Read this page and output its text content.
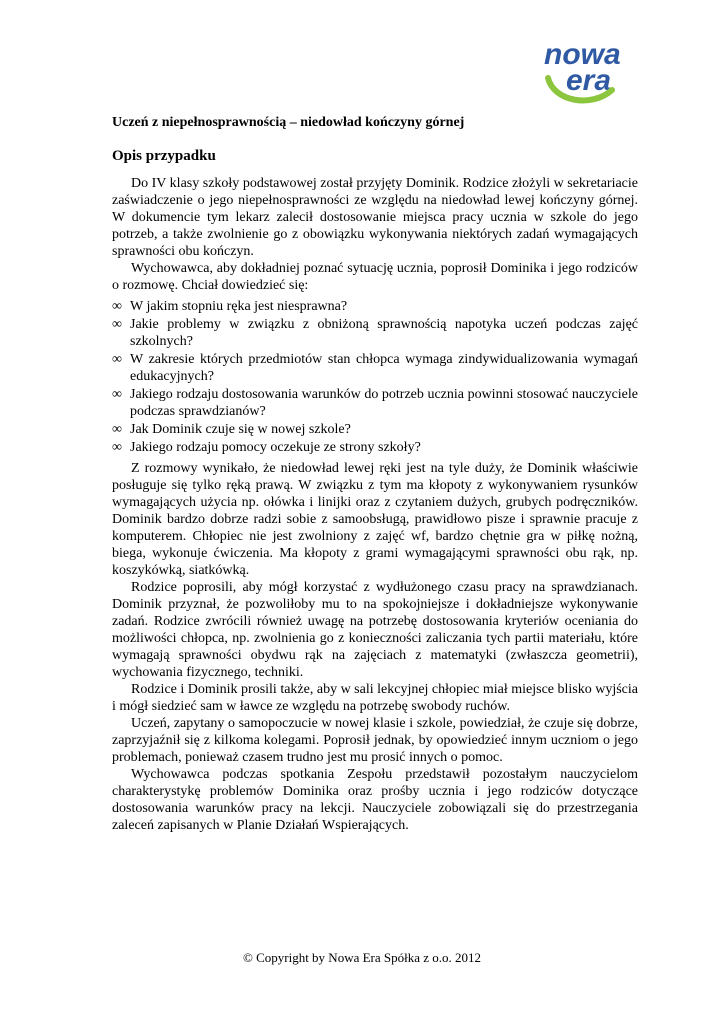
nowa
era
Uczeń z niepełnosprawnością – niedowład kończyny górnej
Opis przypadku

Do IV klasy szkoły podstawowej został przyjęty Dominik. Rodzice złożyli w sekretariacie zaświadczenie o jego niepełnosprawności ze względu na niedowład lewej kończyny górnej. W dokumencie tym lekarz zalecił dostosowanie miejsca pracy ucznia w szkole do jego potrzeb, a także zwolnienie go z obowiązku wykonywania niektórych zadań wymagających sprawności obu kończyn.

Wychowawca, aby dokładniej poznać sytuację ucznia, poprosił Dominika i jego rodziców o rozmowę. Chciał dowiedzieć się:

∞ W jakim stopniu ręka jest niesprawna?
∞ Jakie problemy w związku z obniżoną sprawnością napotyka uczeń podczas zajęć szkolnych?
∞ W zakresie których przedmiotów stan chłopca wymaga zindywidualizowania wymagań edukacyjnych?
∞ Jakiego rodzaju dostosowania warunków do potrzeb ucznia powinni stosować nauczyciele podczas sprawdzianów?
∞ Jak Dominik czuje się w nowej szkole?
∞ Jakiego rodzaju pomocy oczekuje ze strony szkoły?

Z rozmowy wynikało, że niedowład lewej ręki jest na tyle duży, że Dominik właściwie posługuje się tylko ręką prawą. W związku z tym ma kłopoty z wykonywaniem rysunków wymagających użycia np. ołówka i linijki oraz z czytaniem dużych, grubych podręczników. Dominik bardzo dobrze radzi sobie z samoobsługą, prawidłowo pisze i sprawnie pracuje z komputerem. Chłopiec nie jest zwolniony z zajęć wf, bardzo chętnie gra w piłkę nożną, biega, wykonuje ćwiczenia. Ma kłopoty z grami wymagającymi sprawności obu rąk, np. koszykówką, siatkówką.

Rodzice poprosili, aby mógł korzystać z wydłużonego czasu pracy na sprawdzianach. Dominik przyznał, że pozwoliłoby mu to na spokojniejsze i dokładniejsze wykonywanie zadań. Rodzice zwrócili również uwagę na potrzebę dostosowania kryteriów oceniania do możliwości chłopca, np. zwolnienia go z konieczności zaliczania tych partii materiału, które wymagają sprawności obydwu rąk na zajęciach z matematyki (zwłaszcza geometrii), wychowania fizycznego, techniki.

Rodzice i Dominik prosili także, aby w sali lekcyjnej chłopiec miał miejsce blisko wyjścia i mógł siedzieć sam w ławce ze względu na potrzebę swobody ruchów.

Uczeń, zapytany o samopoczucie w nowej klasie i szkole, powiedział, że czuje się dobrze, zaprzyjaźnił się z kilkoma kolegami. Poprosił jednak, by opowiedzieć innym uczniom o jego problemach, ponieważ czasem trudno jest mu prosić innych o pomoc.

Wychowawca podczas spotkania Zespołu przedstawił pozostałym nauczycielom charakterystykę problemów Dominika oraz prośby ucznia i jego rodziców dotyczące dostosowania warunków pracy na lekcji. Nauczyciele zobowiązali się do przestrzegania zaleceń zapisanych w Planie Działań Wspierających.

© Copyright by Nowa Era Spółka z o.o. 2012
